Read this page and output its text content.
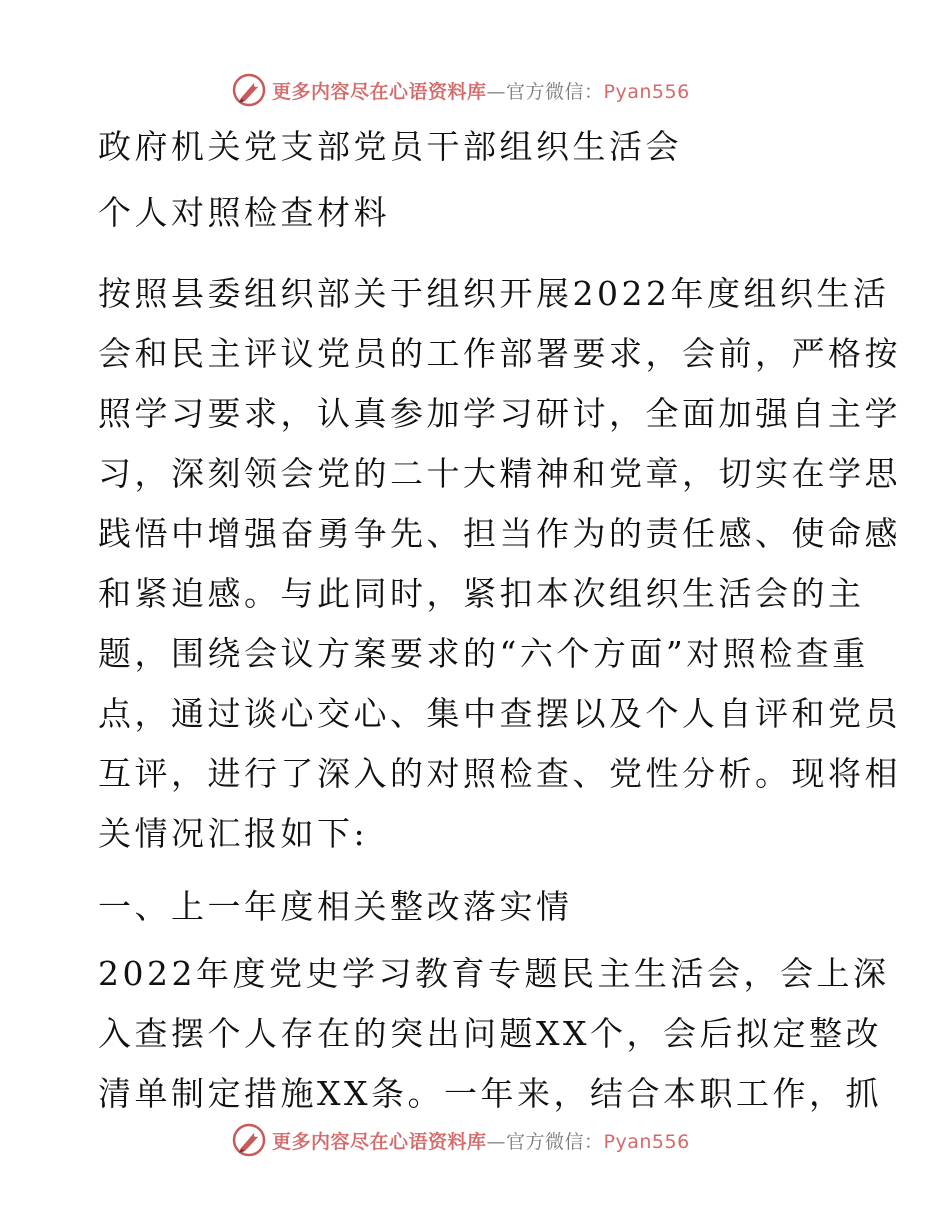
更多内容尽在心语资料库—官方微信：Pyan556
政府机关党支部党员干部组织生活会
个人对照检查材料
按照县委组织部关于组织开展2022年度组织生活
会和民主评议党员的工作部署要求，会前，严格按
照学习要求，认真参加学习研讨，全面加强自主学
习，深刻领会党的二十大精神和党章，切实在学思
践悟中增强奋勇争先、担当作为的责任感、使命感
和紧迫感。与此同时，紧扣本次组织生活会的主
题，围绕会议方案要求的“六个方面”对照检查重
点，通过谈心交心、集中查摆以及个人自评和党员
互评，进行了深入的对照检查、党性分析。现将相
关情况汇报如下:
一、上一年度相关整改落实情
2022年度党史学习教育专题民主生活会，会上深
入查摆个人存在的突出问题XX个，会后拟定整改
清单制定措施XX条。一年来，结合本职工作，抓
更多内容尽在心语资料库—官方微信：Pyan556
